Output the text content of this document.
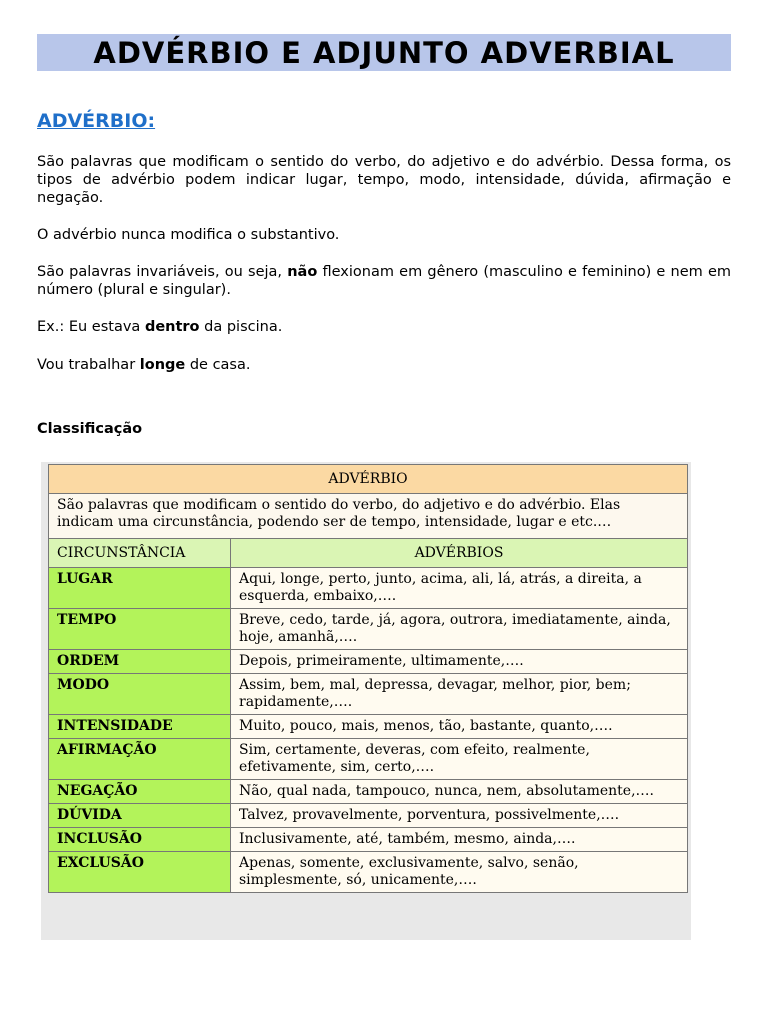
ADVÉRBIO E ADJUNTO ADVERBIAL
ADVÉRBIO:
São palavras que modificam o sentido do verbo, do adjetivo e do advérbio. Dessa forma, os tipos de advérbio podem indicar lugar, tempo, modo, intensidade, dúvida, afirmação e negação.
O advérbio nunca modifica o substantivo.
São palavras invariáveis, ou seja, não flexionam em gênero (masculino e feminino) e nem em número (plural e singular).
Ex.: Eu estava dentro da piscina.
Vou trabalhar longe de casa.
Classificação
ADVÉRBIO	
São palavras que modificam o sentido do verbo, do adjetivo e do advérbio. Elas indicam uma circunstância, podendo ser de tempo, intensidade, lugar e etc.…	
CIRCUNSTÂNCIA	ADVÉRBIOS
LUGAR	Aqui, longe, perto, junto, acima, ali, lá, atrás, a direita, a esquerda, embaixo,….
TEMPO	Breve, cedo, tarde, já, agora, outrora, imediatamente, ainda, hoje, amanhã,….
ORDEM	Depois, primeiramente, ultimamente,….
MODO	Assim, bem, mal, depressa, devagar, melhor, pior, bem; rapidamente,….
INTENSIDADE	Muito, pouco, mais, menos, tão, bastante, quanto,….
AFIRMAÇÃO	Sim, certamente, deveras, com efeito, realmente, efetivamente, sim, certo,….
NEGAÇÃO	Não, qual nada, tampouco, nunca, nem, absolutamente,….
DÚVIDA	Talvez, provavelmente, porventura, possivelmente,….
INCLUSÃO	Inclusivamente, até, também, mesmo, ainda,….
EXCLUSÃO	Apenas, somente, exclusivamente, salvo, senão, simplesmente, só, unicamente,….
